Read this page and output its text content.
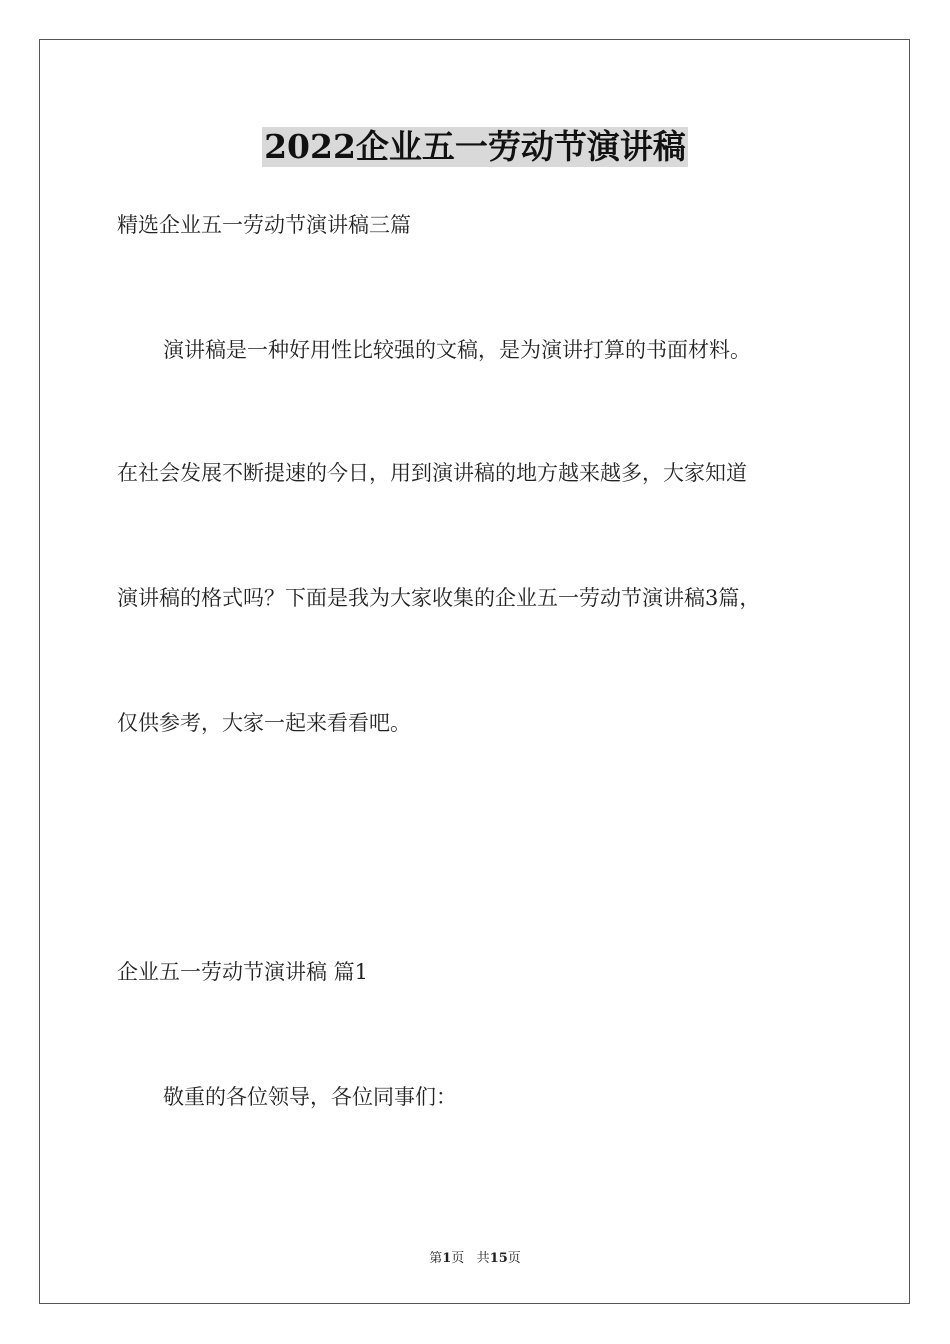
2022企业五一劳动节演讲稿
精选企业五一劳动节演讲稿三篇
演讲稿是一种好用性比较强的文稿，是为演讲打算的书面材料。
在社会发展不断提速的今日，用到演讲稿的地方越来越多，大家知道
演讲稿的格式吗？下面是我为大家收集的企业五一劳动节演讲稿3篇，
仅供参考，大家一起来看看吧。
企业五一劳动节演讲稿 篇1
敬重的各位领导，各位同事们：
第1页 共15页
